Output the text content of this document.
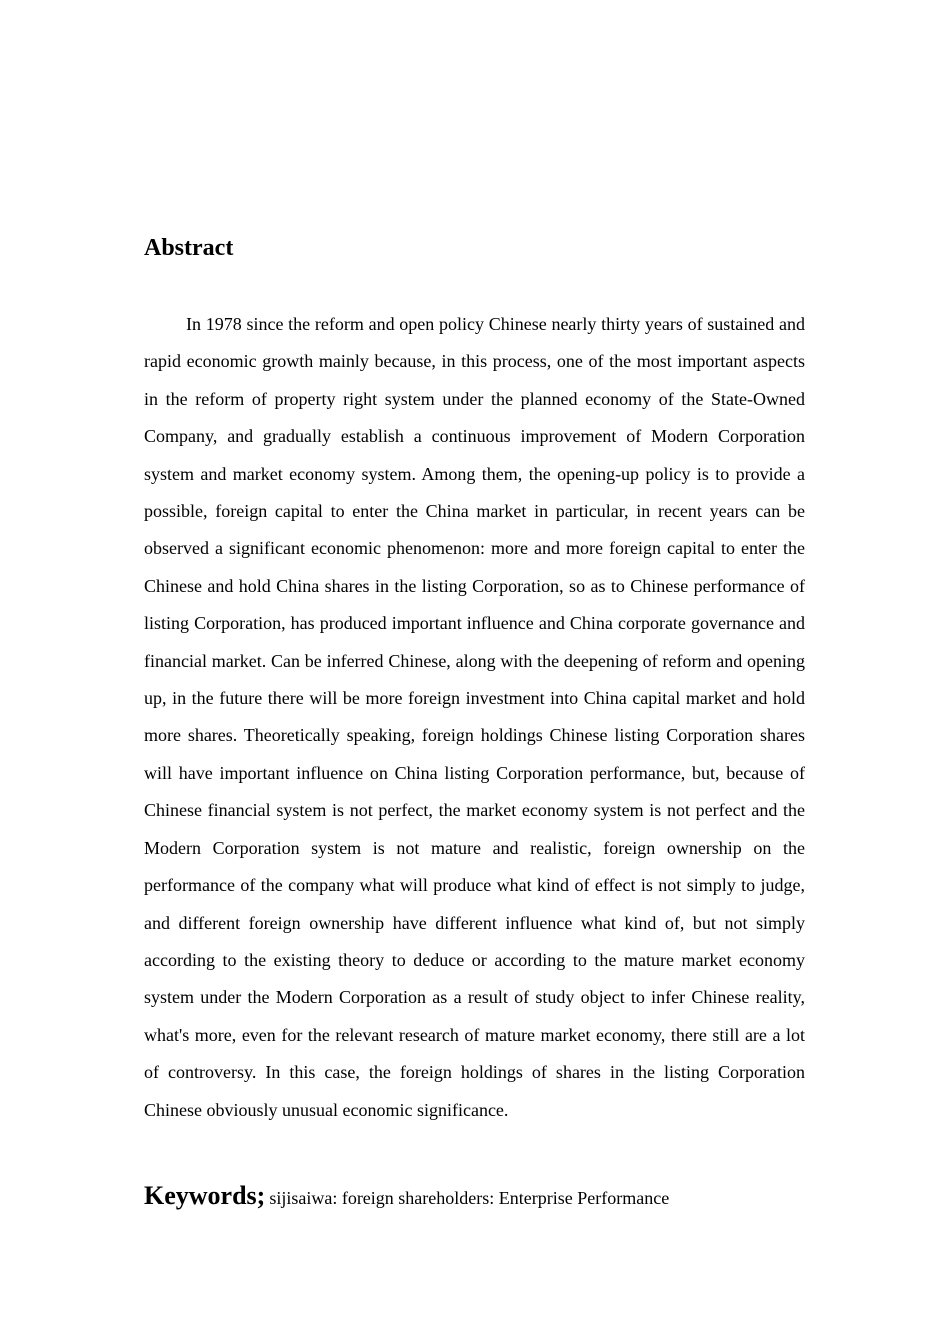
Abstract

In 1978 since the reform and open policy Chinese nearly thirty years of sustained and rapid economic growth mainly because, in this process, one of the most important aspects in the reform of property right system under the planned economy of the State-Owned Company, and gradually establish a continuous improvement of Modern Corporation system and market economy system. Among them, the opening-up policy is to provide a possible, foreign capital to enter the China market in particular, in recent years can be observed a significant economic phenomenon: more and more foreign capital to enter the Chinese and hold China shares in the listing Corporation, so as to Chinese performance of listing Corporation, has produced important influence and China corporate governance and financial market. Can be inferred Chinese, along with the deepening of reform and opening up, in the future there will be more foreign investment into China capital market and hold more shares. Theoretically speaking, foreign holdings Chinese listing Corporation shares will have important influence on China listing Corporation performance, but, because of Chinese financial system is not perfect, the market economy system is not perfect and the Modern Corporation system is not mature and realistic, foreign ownership on the performance of the company what will produce what kind of effect is not simply to judge, and different foreign ownership have different influence what kind of, but not simply according to the existing theory to deduce or according to the mature market economy system under the Modern Corporation as a result of study object to infer Chinese reality, what's more, even for the relevant research of mature market economy, there still are a lot of controversy. In this case, the foreign holdings of shares in the listing Corporation Chinese obviously unusual economic significance.

Keywords; sijisaiwa: foreign shareholders: Enterprise Performance
